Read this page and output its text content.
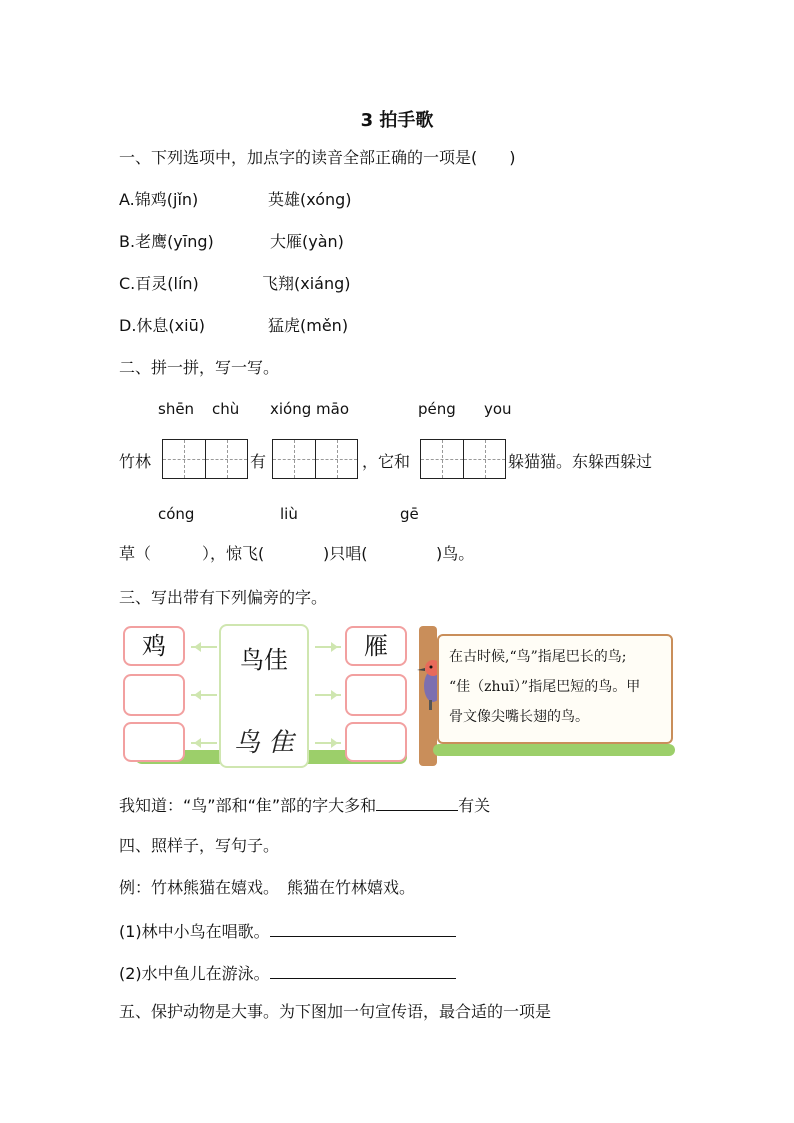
3 拍手歌
一、下列选项中，加点字的读音全部正确的一项是(　　)
A.锦鸡(jǐn)	英雄(xóng)
B.老鹰(yīng)	大雁(yàn)
C.百灵(lín)	飞翔(xiáng)
D.休息(xiū)	猛虎(měn)
二、拼一拼，写一写。
shēn chù xióng māo	péng you
竹林	有	，它和	躲猫猫。东躲西躲过
cóng	liù	gē
草（	），惊飞(	)只唱(	)鸟。
三、写出带有下列偏旁的字。
鸡	鸟佳
鸟 隹
雁	在古时候,“鸟”指尾巴长的鸟;
“佳（zhuī）”指尾巴短的鸟。甲
骨文像尖嘴长翅的鸟。
我知道：“鸟”部和“隹”部的字大多和	有关
四、照样子，写句子。
例：竹林熊猫在嬉戏。　熊猫在竹林嬉戏。
(1)林中小鸟在唱歌。
(2)水中鱼儿在游泳。
五、保护动物是大事。为下图加一句宣传语，最合适的一项是
